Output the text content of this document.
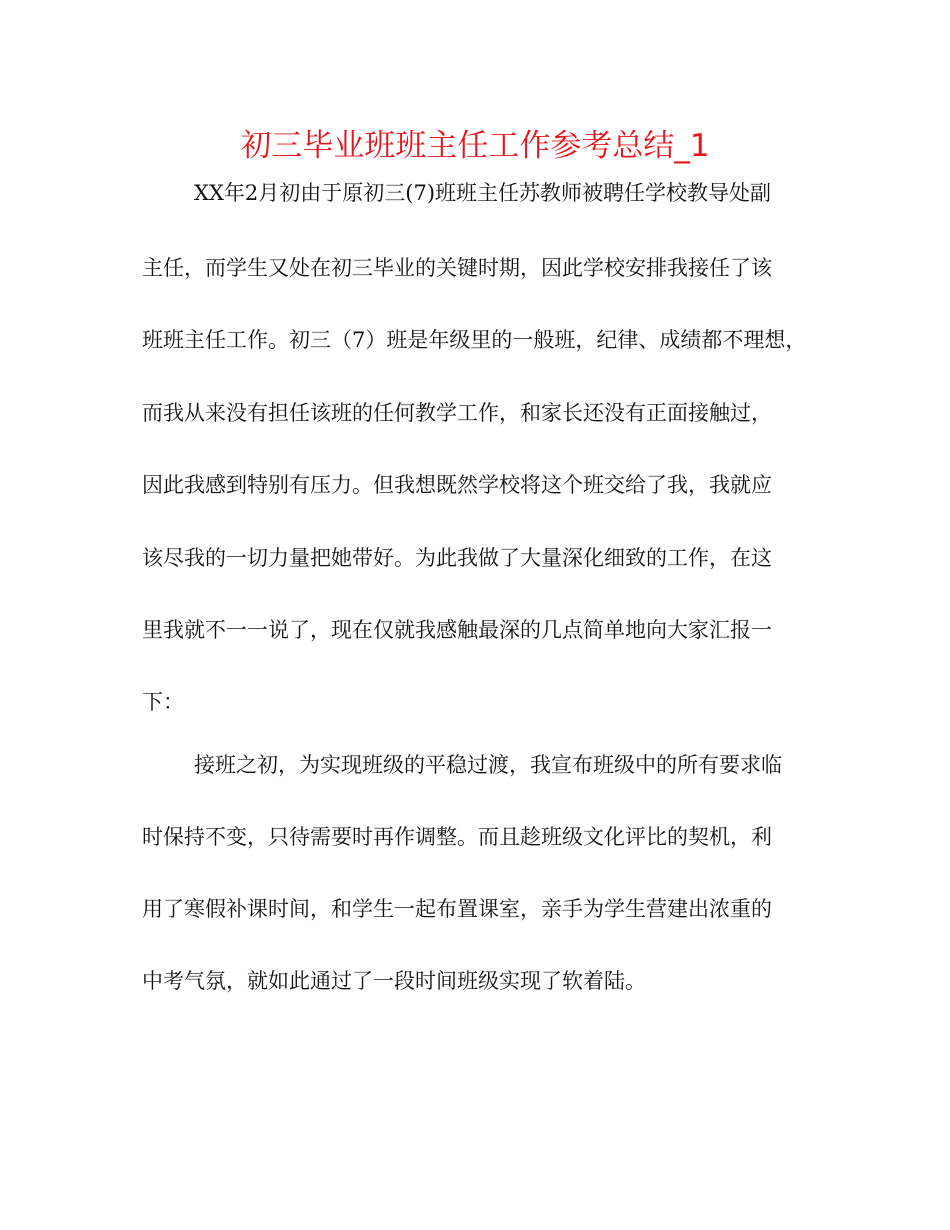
初三毕业班班主任工作参考总结_1
XX年2月初由于原初三(7)班班主任苏教师被聘任学校教导处副
主任，而学生又处在初三毕业的关键时期，因此学校安排我接任了该
班班主任工作。初三（7）班是年级里的一般班，纪律、成绩都不理想，
而我从来没有担任该班的任何教学工作，和家长还没有正面接触过，
因此我感到特别有压力。但我想既然学校将这个班交给了我，我就应
该尽我的一切力量把她带好。为此我做了大量深化细致的工作，在这
里我就不一一说了，现在仅就我感触最深的几点简单地向大家汇报一
下：
接班之初，为实现班级的平稳过渡，我宣布班级中的所有要求临
时保持不变，只待需要时再作调整。而且趁班级文化评比的契机，利
用了寒假补课时间，和学生一起布置课室，亲手为学生营建出浓重的
中考气氛，就如此通过了一段时间班级实现了软着陆。
